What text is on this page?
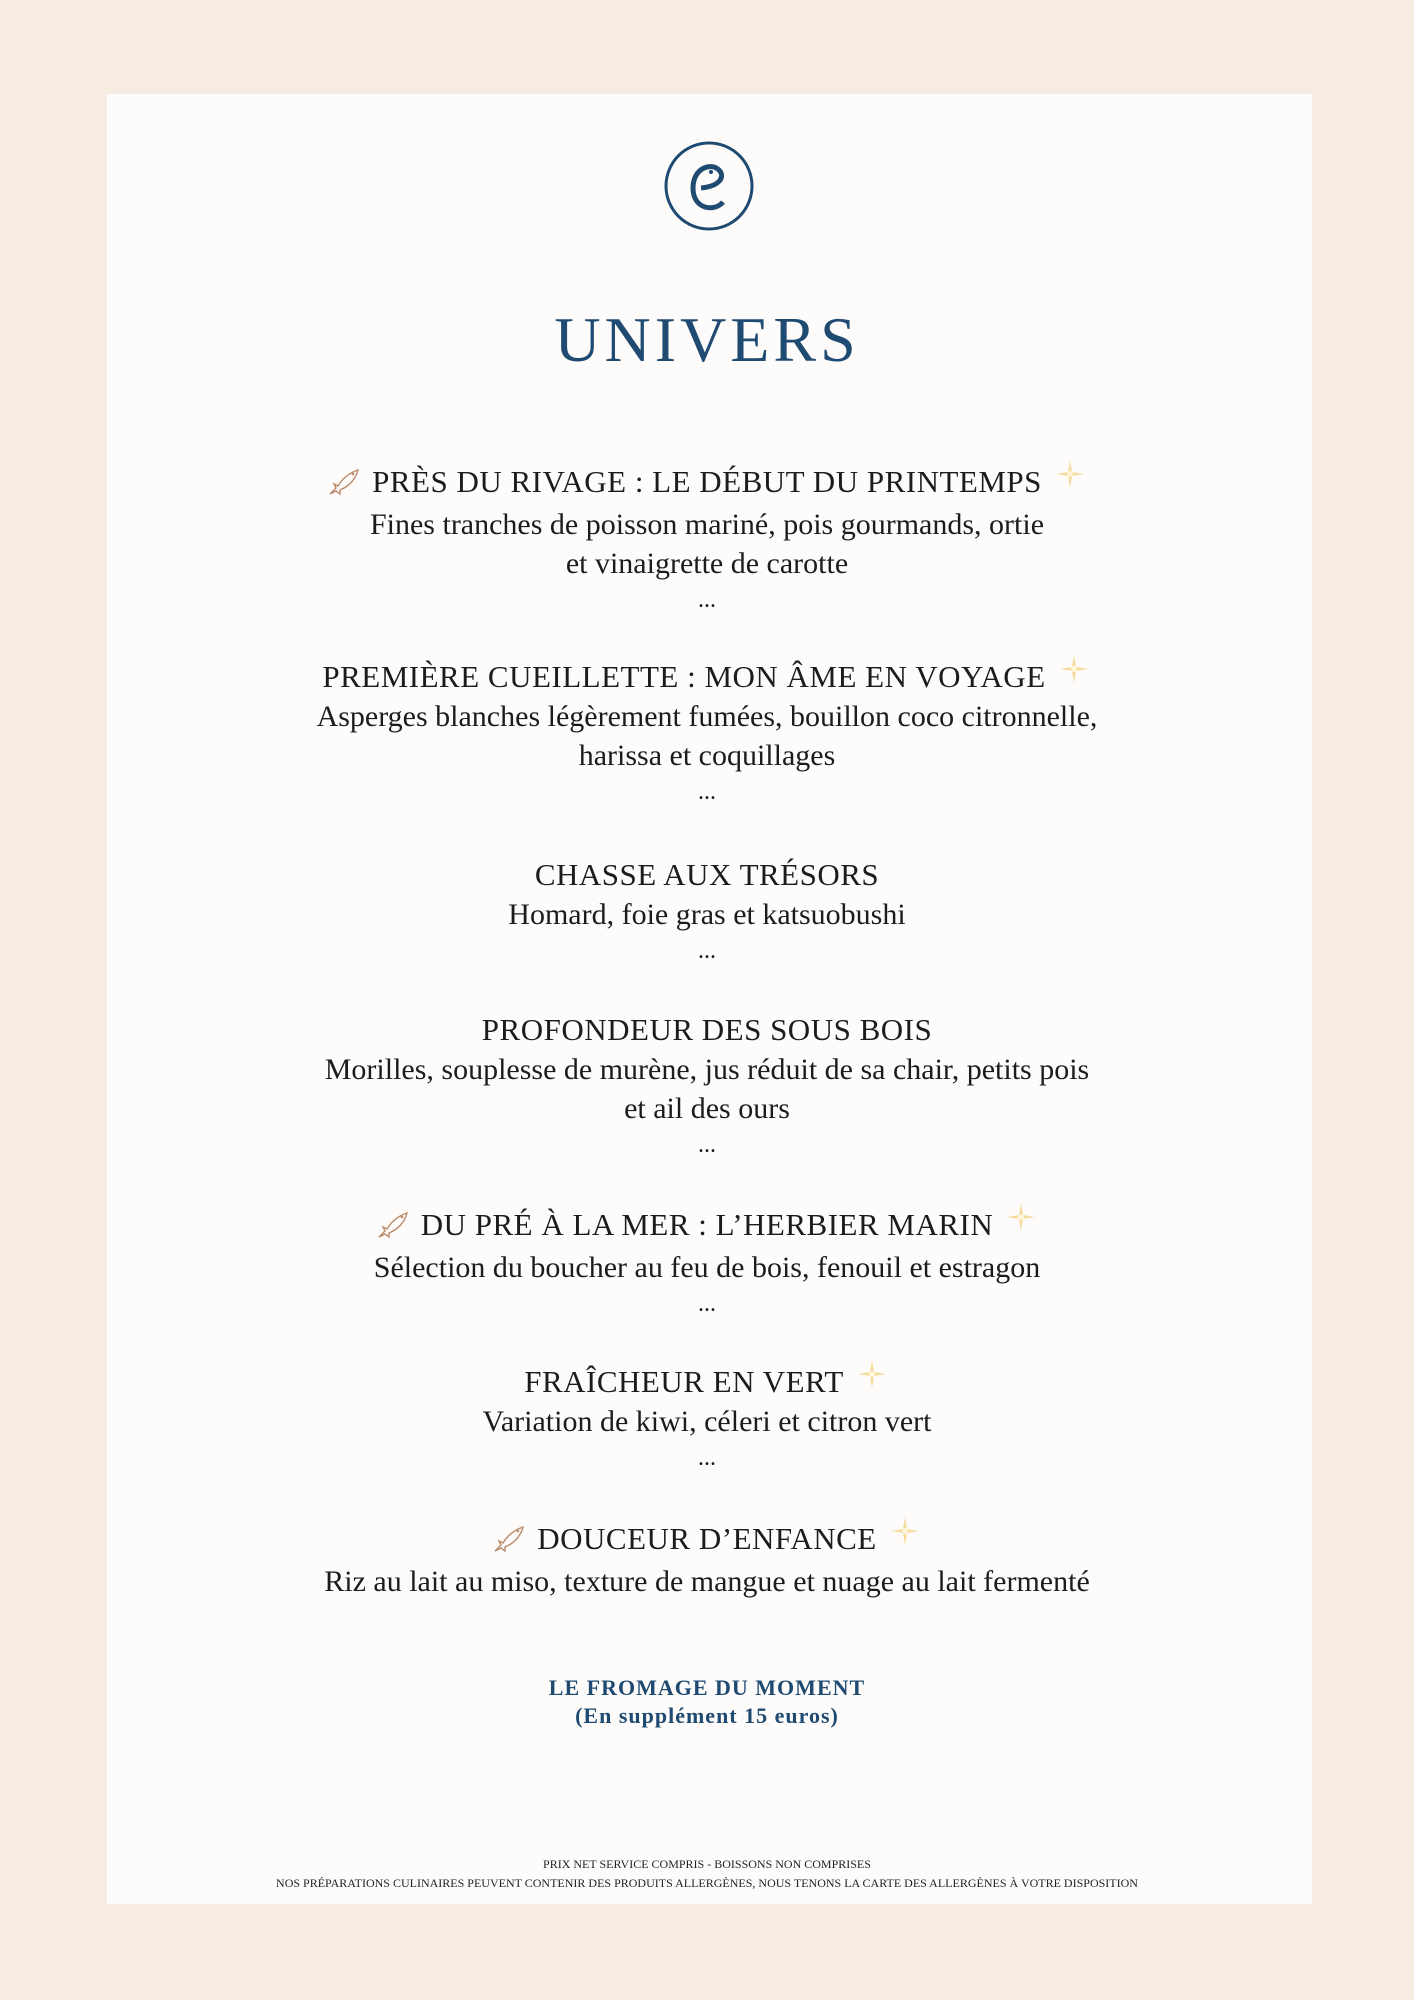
UNIVERS
PRÈS DU RIVAGE : LE DÉBUT DU PRINTEMPS
Fines tranches de poisson mariné, pois gourmands, ortie
et vinaigrette de carotte
...
PREMIÈRE CUEILLETTE : MON ÂME EN VOYAGE
Asperges blanches légèrement fumées, bouillon coco citronnelle,
harissa et coquillages
...
CHASSE AUX TRÉSORS
Homard, foie gras et katsuobushi
...
PROFONDEUR DES SOUS BOIS
Morilles, souplesse de murène, jus réduit de sa chair, petits pois
et ail des ours
...
DU PRÉ À LA MER : L’HERBIER MARIN
Sélection du boucher au feu de bois, fenouil et estragon
...
FRAÎCHEUR EN VERT
Variation de kiwi, céleri et citron vert
...
DOUCEUR D’ENFANCE
Riz au lait au miso, texture de mangue et nuage au lait fermenté
LE FROMAGE DU MOMENT
(En supplément 15 euros)
PRIX NET SERVICE COMPRIS - BOISSONS NON COMPRISES
NOS PRÉPARATIONS CULINAIRES PEUVENT CONTENIR DES PRODUITS ALLERGÈNES, NOUS TENONS LA CARTE DES ALLERGÈNES À VOTRE DISPOSITION
